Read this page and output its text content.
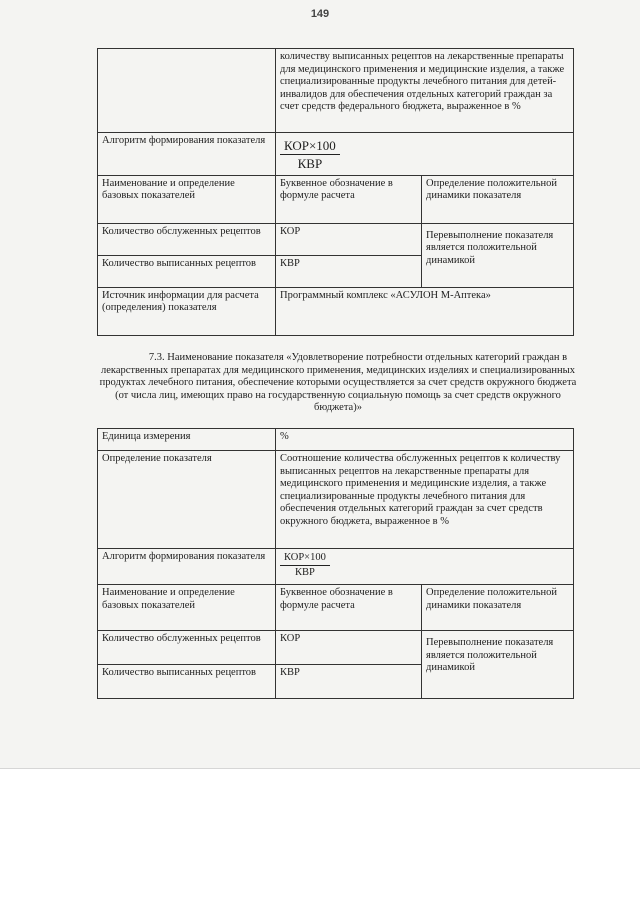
149
	количеству выписанных рецептов на лекарственные препараты для медицинского применения и медицинские изделия, а также специализированные продукты лечебного питания для детей-инвалидов для обеспечения отдельных категорий граждан за счет средств федерального бюджета, выраженное в %	
Алгоритм формирования показателя	$\frac{\text{КОР×100}}{\text{КВР}}$

Наименование и определение базовых показателей	Буквенное обозначение в формуле расчета	Определение положительной динамики показателя
Количество обслуженных рецептов	КОР	Перевыполнение показателя является положительной динамикой
Количество выписанных рецептов	КВР	
Источник информации для расчета (определения) показателя	Программный комплекс «АСУЛОН М-Аптека»	
7.3. Наименование показателя «Удовлетворение потребности отдельных категорий граждан в лекарственных препаратах для медицинского применения, медицинских изделиях и специализированных продуктах лечебного питания, обеспечение которыми осуществляется за счет средств окружного бюджета (от числа лиц, имеющих право на государственную социальную помощь за счет средств окружного бюджета)»
Единица измерения	%	
Определение показателя	Соотношение количества обслуженных рецептов к количеству выписанных рецептов на лекарственные препараты для медицинского применения и медицинские изделия, а также специализированные продукты лечебного питания для обеспечения отдельных категорий граждан за счет средств окружного бюджета, выраженное в %	
Алгоритм формирования показателя	$\frac{\text{КОР×100}}{\text{КВР}}$

Наименование и определение базовых показателей	Буквенное обозначение в формуле расчета	Определение положительной динамики показателя
Количество обслуженных рецептов	КОР	Перевыполнение показателя является положительной динамикой
Количество выписанных рецептов	КВР	
